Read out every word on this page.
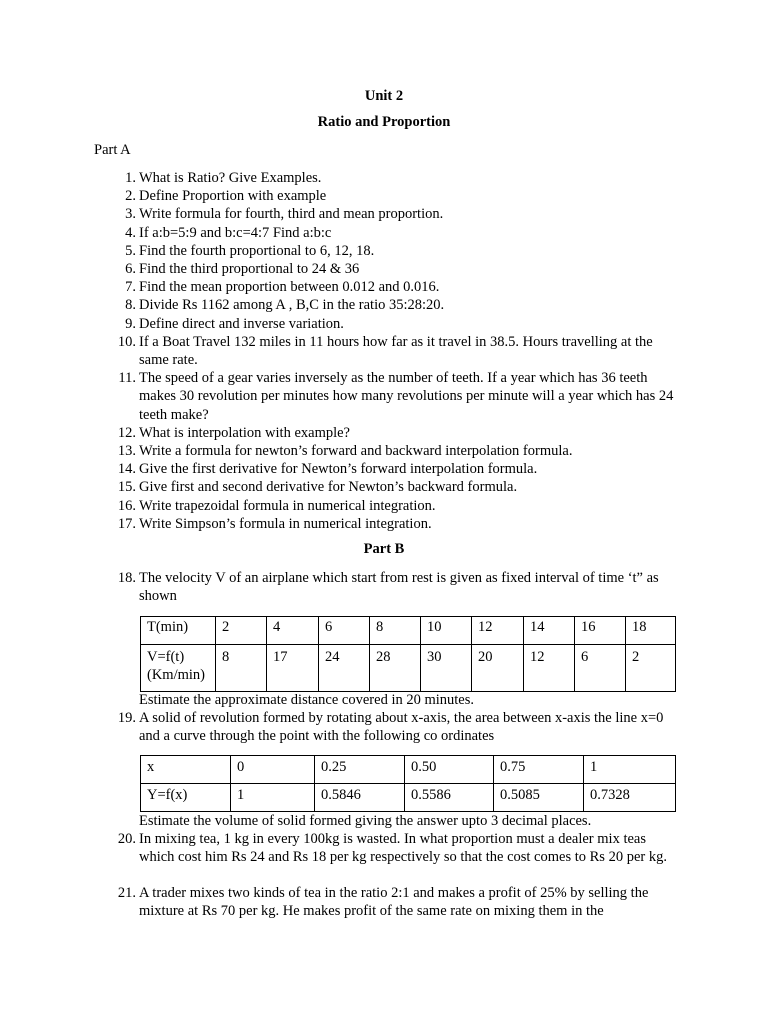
Unit 2
Ratio and Proportion
Part A
1. What is Ratio? Give Examples.
2. Define Proportion with example
3. Write formula for fourth, third and mean proportion.
4. If a:b=5:9 and b:c=4:7 Find a:b:c
5. Find the fourth proportional to 6, 12, 18.
6. Find the third proportional to 24 & 36
7. Find the mean proportion between 0.012 and 0.016.
8. Divide Rs 1162 among A , B,C in the ratio 35:28:20.
9. Define direct and inverse variation.
10. If a Boat Travel 132 miles in 11 hours how far as it travel in 38.5. Hours travelling at the same rate.
11. The speed of a gear varies inversely as the number of teeth. If a year which has 36 teeth makes 30 revolution per minutes how many revolutions per minute will a year which has 24 teeth make?
12. What is interpolation with example?
13. Write a formula for newton’s forward and backward interpolation formula.
14. Give the first derivative for Newton’s forward interpolation formula.
15. Give first and second derivative for Newton’s backward formula.
16. Write trapezoidal formula in numerical integration.
17. Write Simpson’s formula in numerical integration.
Part B
18. The velocity V of an airplane which start from rest is given as fixed interval of time ‘t” as shown
T(min)	2	4	6	8	10	12	14	16	18
V=f(t) (Km/min)	8	17	24	28	30	20	12	6	2
Estimate the approximate distance covered in 20 minutes.
19. A solid of revolution formed by rotating about x-axis, the area between x-axis the line x=0 and a curve through the point with the following co ordinates
x	0	0.25	0.50	0.75	1
Y=f(x)	1	0.5846	0.5586	0.5085	0.7328
Estimate the volume of solid formed giving the answer upto 3 decimal places.
20. In mixing tea, 1 kg in every 100kg is wasted. In what proportion must a dealer mix teas which cost him Rs 24 and Rs 18 per kg respectively so that the cost comes to Rs 20 per kg.
21. A trader mixes two kinds of tea in the ratio 2:1 and makes a profit of 25% by selling the mixture at Rs 70 per kg. He makes profit of the same rate on mixing them in the
